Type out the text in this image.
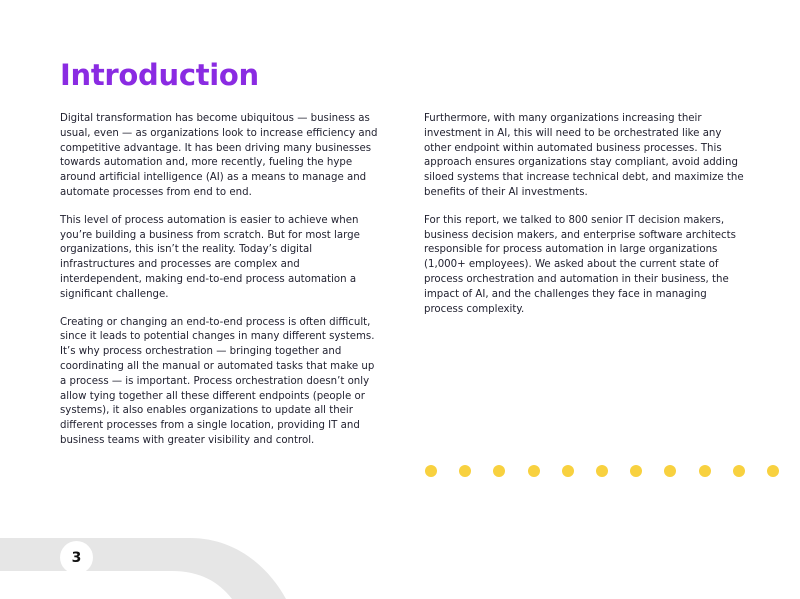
Introduction

Digital transformation has become ubiquitous — business as usual, even — as organizations look to increase efficiency and competitive advantage. It has been driving many businesses towards automation and, more recently, fueling the hype around artificial intelligence (AI) as a means to manage and automate processes from end to end.

This level of process automation is easier to achieve when you’re building a business from scratch. But for most large organizations, this isn’t the reality. Today’s digital infrastructures and processes are complex and interdependent, making end-to-end process automation a significant challenge.

Creating or changing an end-to-end process is often difficult, since it leads to potential changes in many different systems. It’s why process orchestration — bringing together and coordinating all the manual or automated tasks that make up a process — is important. Process orchestration doesn’t only allow tying together all these different endpoints (people or systems), it also enables organizations to update all their different processes from a single location, providing IT and business teams with greater visibility and control.

Furthermore, with many organizations increasing their investment in AI, this will need to be orchestrated like any other endpoint within automated business processes. This approach ensures organizations stay compliant, avoid adding siloed systems that increase technical debt, and maximize the benefits of their AI investments.

For this report, we talked to 800 senior IT decision makers, business decision makers, and enterprise software architects responsible for process automation in large organizations (1,000+ employees). We asked about the current state of process orchestration and automation in their business, the impact of AI, and the challenges they face in managing process complexity.

3
